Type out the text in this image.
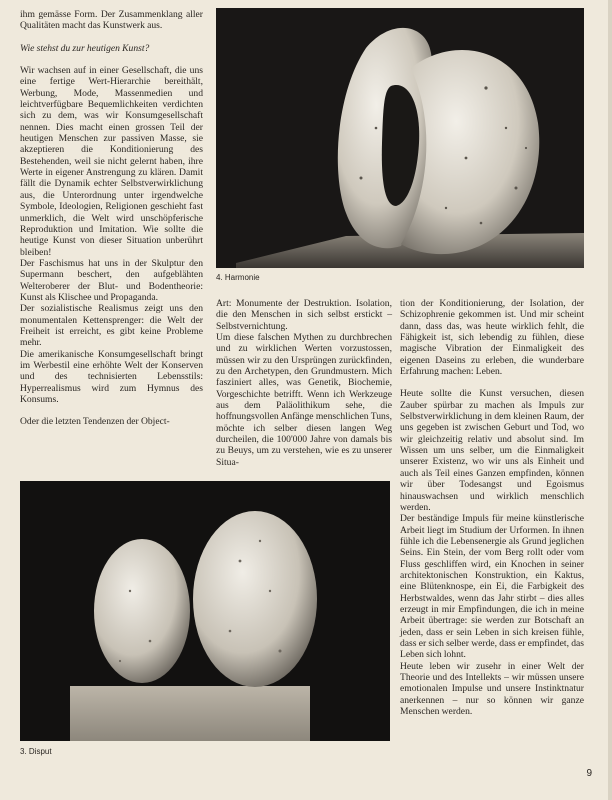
ihm gemässe Form. Der Zusammenklang aller Qualitäten macht das Kunstwerk aus.

Wie stehst du zur heutigen Kunst?

Wir wachsen auf in einer Gesellschaft, die uns eine fertige Wert-Hierarchie bereithält, Werbung, Mode, Massenmedien und leichtverfügbare Bequemlichkeiten verdichten sich zu dem, was wir Konsumgesellschaft nennen. Dies macht einen grossen Teil der heutigen Menschen zur passiven Masse, sie akzeptieren die Konditionierung des Bestehenden, weil sie nicht gelernt haben, ihre Werte in eigener Anstrengung zu klären. Damit fällt die Dynamik echter Selbstverwirklichung aus, die Unterordnung unter irgendwelche Symbole, Ideologien, Religionen geschieht fast unmerklich, die Welt wird unschöpferische Reproduktion und Imitation. Wie sollte die heutige Kunst von dieser Situation unberührt bleiben!

Der Faschismus hat uns in der Skulptur den Supermann beschert, den aufgeblähten Welteroberer der Blut- und Bodentheorie: Kunst als Klischee und Propaganda.

Der sozialistische Realismus zeigt uns den monumentalen Kettensprenger: die Welt der Freiheit ist erreicht, es gibt keine Probleme mehr.

Die amerikanische Konsumgesellschaft bringt im Werbestil eine erhöhte Welt der Konserven und des technisierten Lebensstils: Hyperrealismus wird zum Hymnus des Konsums.

Oder die letzten Tendenzen der Object-

4. Harmonie

Art: Monumente der Destruktion. Isolation, die den Menschen in sich selbst erstickt – Selbstvernichtung.

Um diese falschen Mythen zu durchbrechen und zu wirklichen Werten vorzustossen, müssen wir zu den Ursprüngen zurückfinden, zu den Archetypen, den Grundmustern. Mich fasziniert alles, was Genetik, Biochemie, Vorgeschichte betrifft. Wenn ich Werkzeuge aus dem Paläolithikum sehe, die hoffnungsvollen Anfänge menschlichen Tuns, möchte ich selber diesen langen Weg durcheilen, die 100'000 Jahre von damals bis zu Beuys, um zu verstehen, wie es zu unserer Situa-

tion der Konditionierung, der Isolation, der Schizophrenie gekommen ist. Und mir scheint dann, dass das, was heute wirklich fehlt, die Fähigkeit ist, sich lebendig zu fühlen, diese magische Vibration der Einmaligkeit des eigenen Daseins zu erleben, die wunderbare Erfahrung machen: Leben.

Heute sollte die Kunst versuchen, diesen Zauber spürbar zu machen als Impuls zur Selbstverwirklichung in dem kleinen Raum, der uns gegeben ist zwischen Geburt und Tod, wo wir gleichzeitig relativ und absolut sind. Im Wissen um uns selber, um die Einmaligkeit unserer Existenz, wo wir uns als Einheit und auch als Teil eines Ganzen empfinden, können wir über Todesangst und Egoismus hinauswachsen und wirklich menschlich werden.

Der beständige Impuls für meine künstlerische Arbeit liegt im Studium der Urformen. In ihnen fühle ich die Lebensenergie als Grund jeglichen Seins. Ein Stein, der vom Berg rollt oder vom Fluss geschliffen wird, ein Knochen in seiner architektonischen Konstruktion, ein Kaktus, eine Blütenknospe, ein Ei, die Farbigkeit des Herbstwaldes, wenn das Jahr stirbt – dies alles erzeugt in mir Empfindungen, die ich in meine Arbeit übertrage: sie werden zur Botschaft an jeden, dass er sein Leben in sich kreisen fühle, dass er sich selber werde, dass er empfindet, das Leben sich lohnt.

Heute leben wir zusehr in einer Welt der Theorie und des Intellekts – wir müssen unsere emotionalen Impulse und unsere Instinktnatur anerkennen – nur so können wir ganze Menschen werden.

3. Disput
9
